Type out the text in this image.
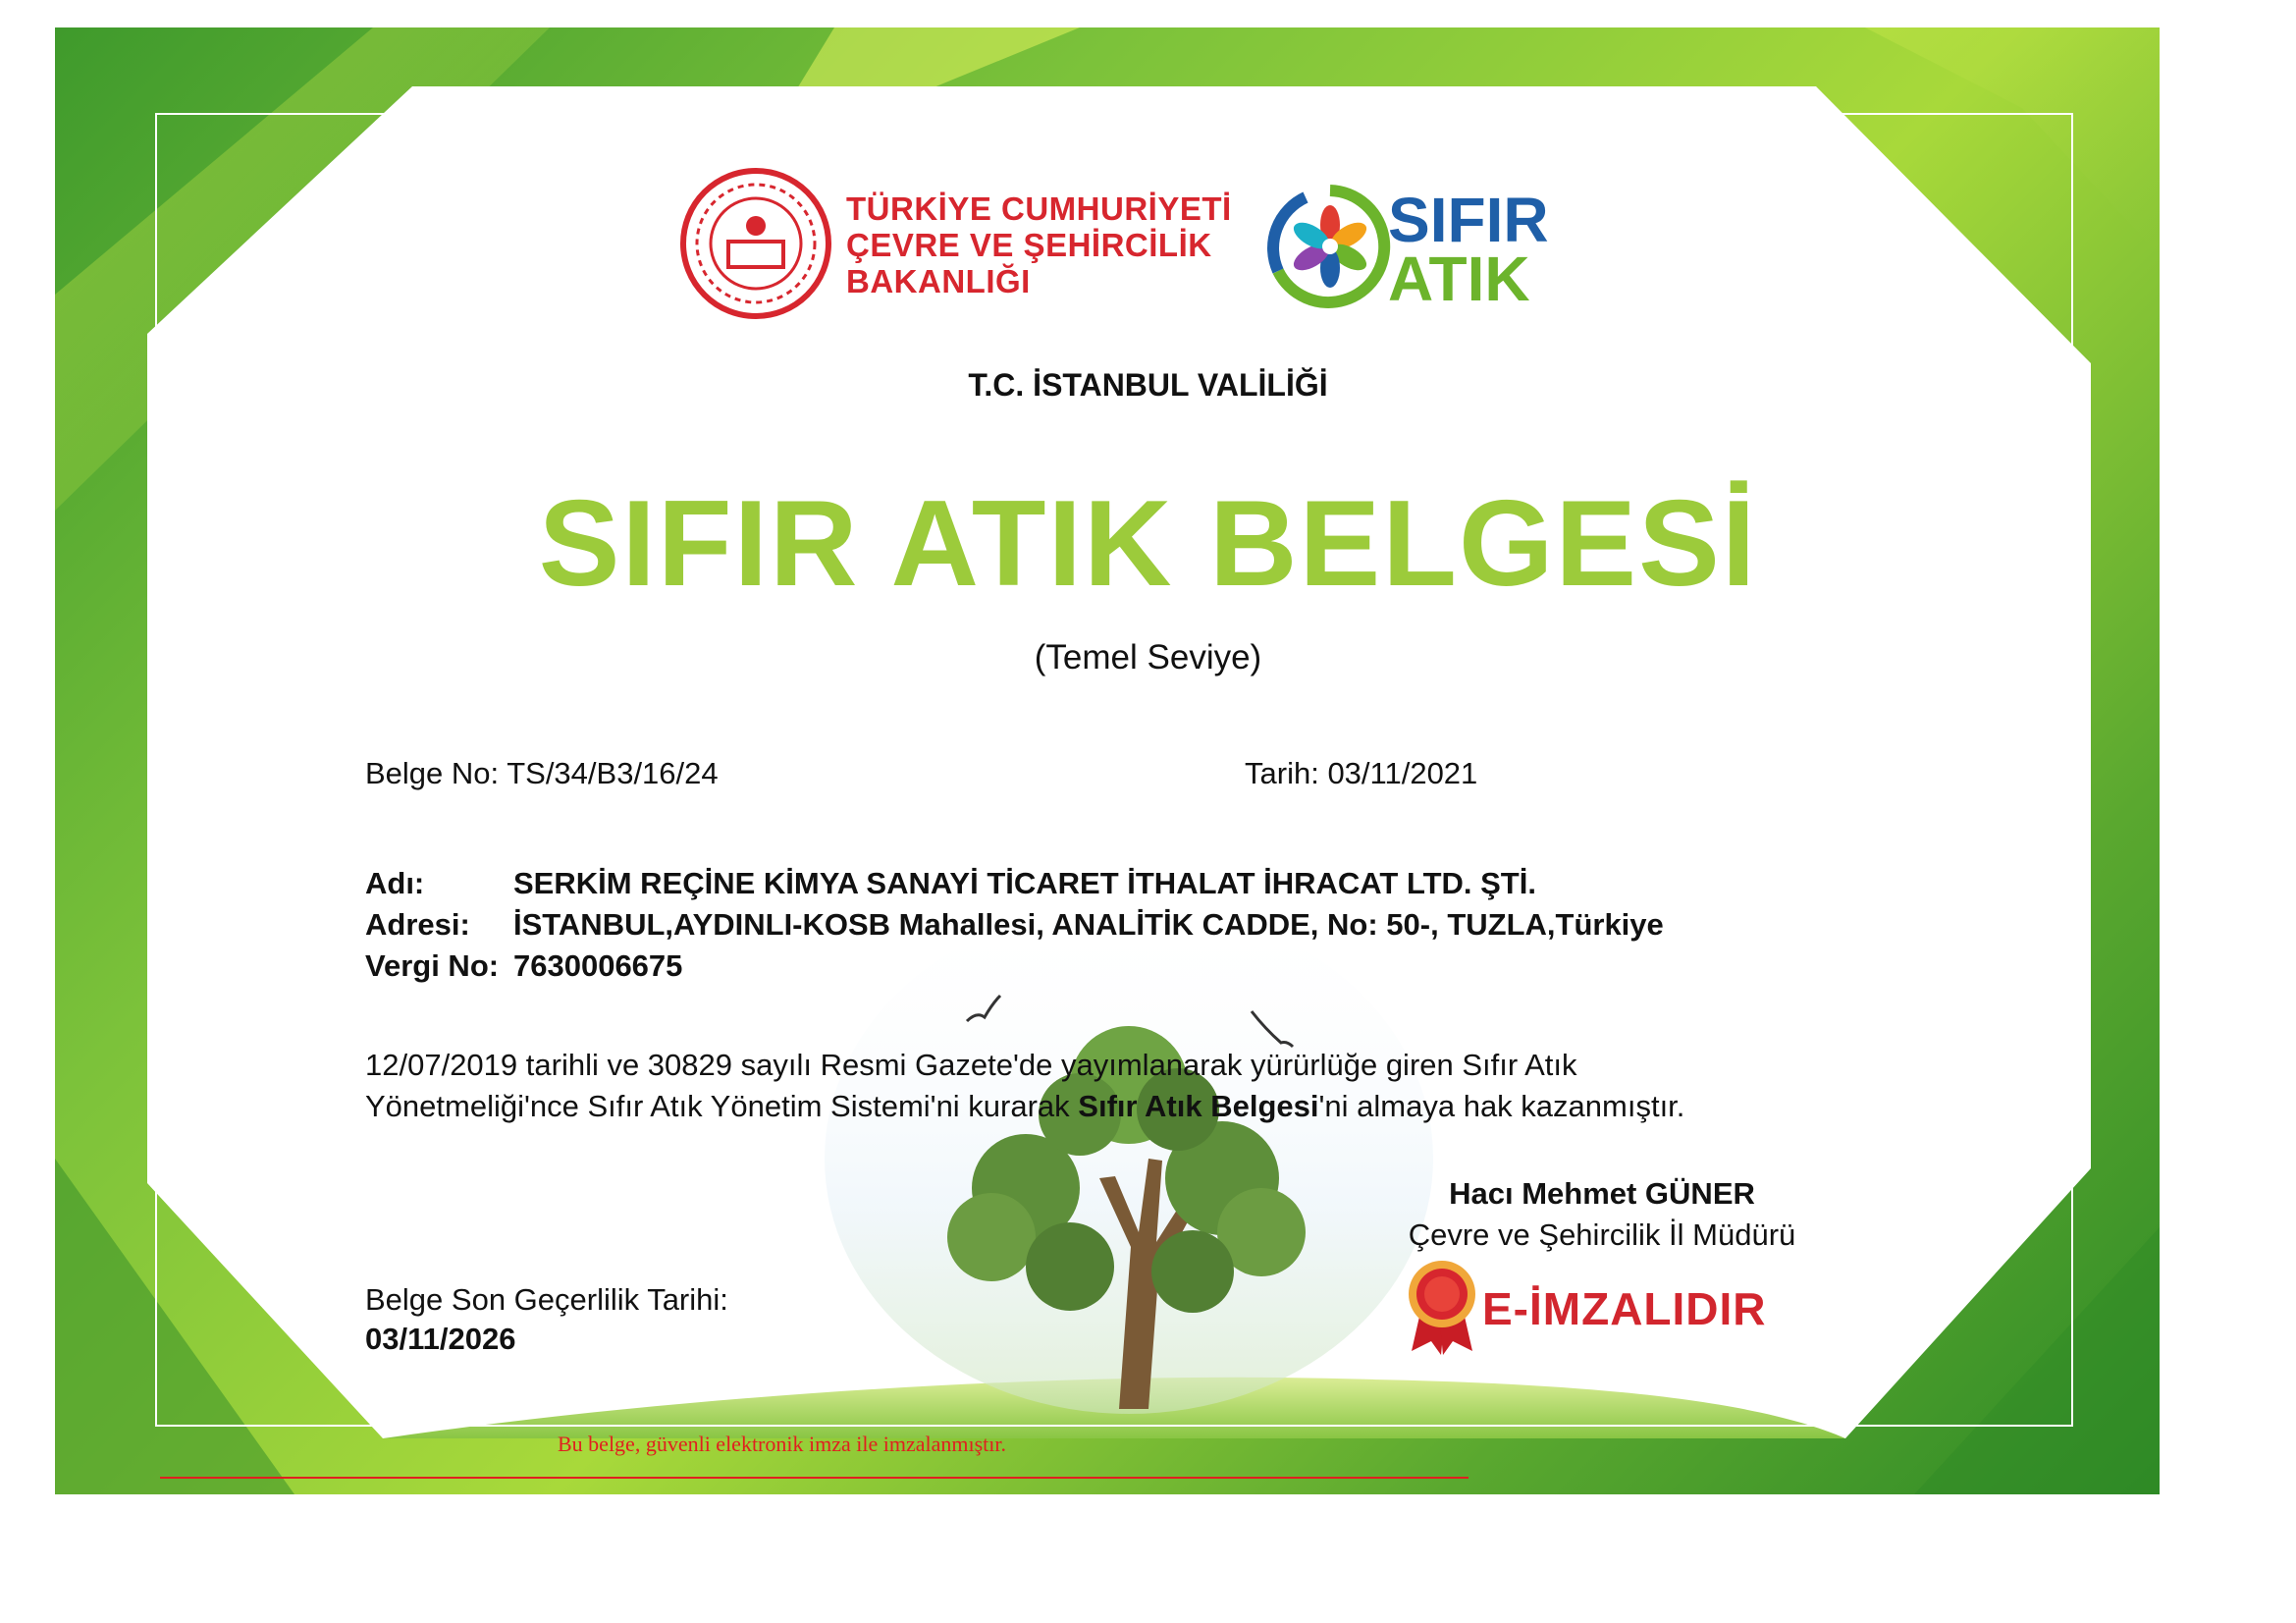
TÜRKİYE CUMHURİYETİ
ÇEVRE VE ŞEHİRCİLİK
BAKANLIĞI
SIFIR
ATIK
T.C. İSTANBUL VALİLİĞİ
SIFIR ATIK BELGESİ
(Temel Seviye)
Belge No: TS/34/B3/16/24	Tarih: 03/11/2021
Adı:	SERKİM REÇİNE KİMYA SANAYİ TİCARET İTHALAT İHRACAT LTD. ŞTİ.
Adresi: İSTANBUL,AYDINLI-KOSB Mahallesi, ANALİTİK CADDE, No: 50-, TUZLA,Türkiye
Vergi No: 7630006675
12/07/2019 tarihli ve 30829 sayılı Resmi Gazete'de yayımlanarak yürürlüğe giren Sıfır Atık
Yönetmeliği'nce Sıfır Atık Yönetim Sistemi'ni kurarak Sıfır Atık Belgesi'ni almaya hak kazanmıştır.
Hacı Mehmet GÜNER
Çevre ve Şehircilik İl Müdürü
E-İMZALIDIR
Belge Son Geçerlilik Tarihi:
03/11/2026
Bu belge, güvenli elektronik imza ile imzalanmıştır.
